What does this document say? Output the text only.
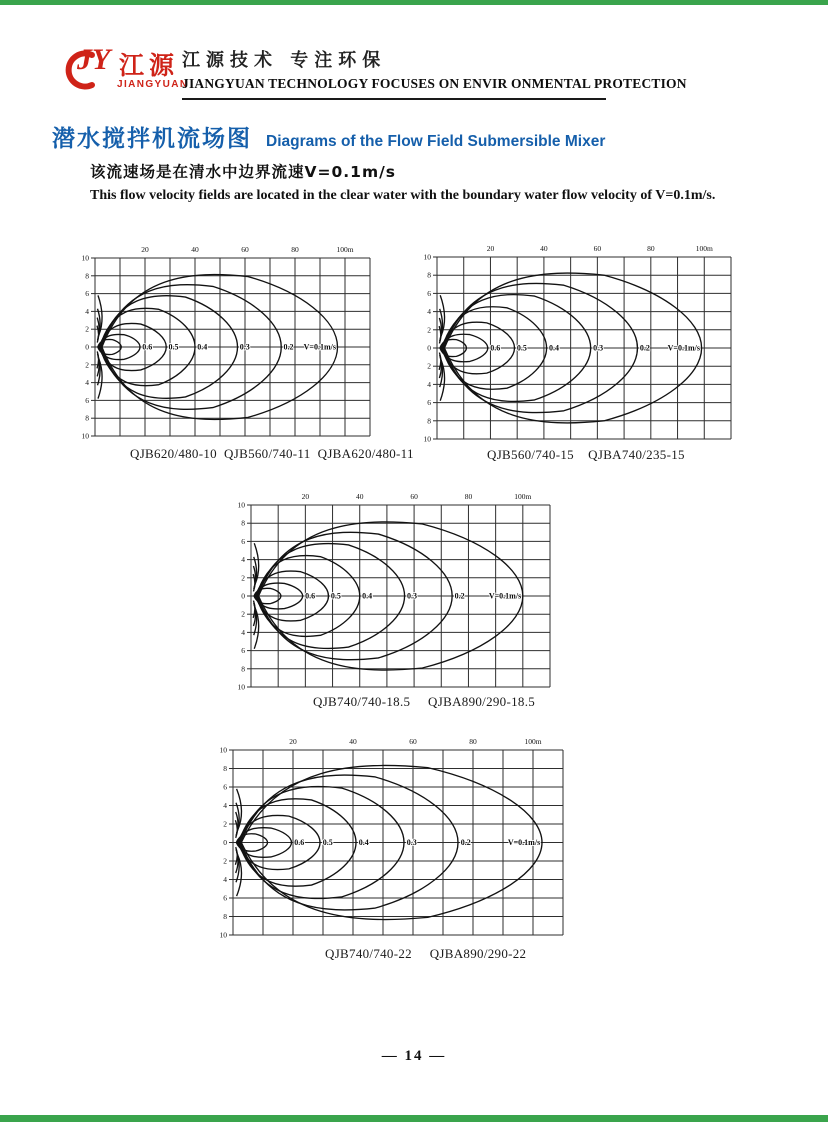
JY 江源
JIANGYUAN
江源技术 专注环保
JIANGYUAN TECHNOLOGY FOCUSES ON ENVIR ONMENTAL PROTECTION
潜水搅拌机流场图 Diagrams of the Flow Field Submersible Mixer
该流速场是在清水中边界流速V=0.1m/s
This flow velocity fields are located in the clear water with the boundary water flow velocity of V=0.1m/s.
20	40	60	80	100m
10
8
6
4
2
0
2
4
6
8
10
0.6 0.5 0.4	0.3	0.2 V=0.1m/s
20	40	60	80	100m
10
8
6
4
2
0
2
4
6
8
10
0.6 0.5	0.4	0.3	0.2 V=0.1m/s
20	40	60	80	100m
10
8
6
4
2
0
2
4
6
8
10
0.6 0.5	0.4	0.3	0.2	V=0.1m/s
20	40	60	80	100m
10
8
6
4
2
0
2
4
6
8
10
0.6 0.5	0.4	0.3	0.2	V=0.1m/s
QJB620/480-10  QJB560/740-11  QJBA620/480-11	QJB560/740-15    QJBA740/235-15
QJB740/740-18.5     QJBA890/290-18.5
QJB740/740-22     QJBA890/290-22
— 14 —
